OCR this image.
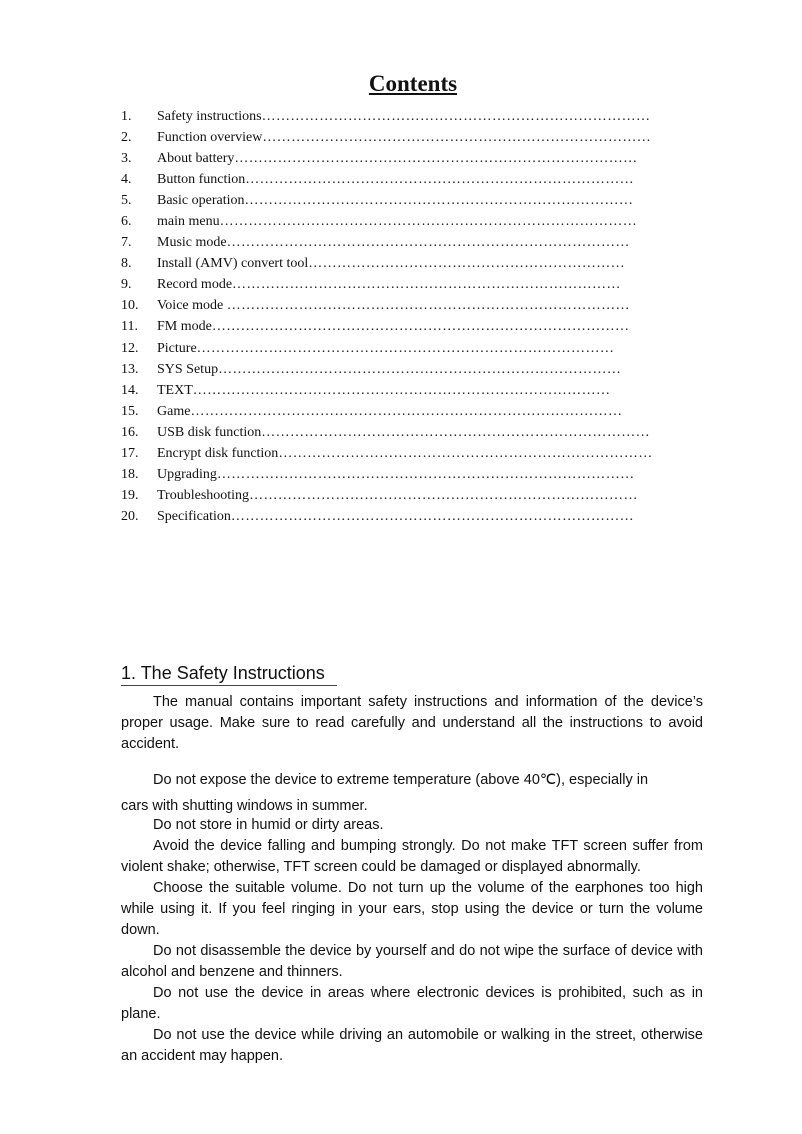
Contents
1. Safety instructions………………………………………………………………………
2. Function overview………………………………………………………………………
3. About battery…………………………………………………………………………
4. Button function………………………………………………………………………
5. Basic operation………………………………………………………………………
6. main menu……………………………………………………………………………
7. Music mode…………………………………………………………………………
8. Install (AMV) convert tool…………………………………………………………
9. Record mode………………………………………………………………………
10. Voice mode …………………………………………………………………………
11. FM mode……………………………………………………………………………
12. Picture……………………………………………………………………………
13. SYS Setup…………………………………………………………………………
14. TEXT……………………………………………………………………………
15. Game………………………………………………………………………………
16. USB disk function………………………………………………………………………
17. Encrypt disk function……………………………………………………………………
18. Upgrading……………………………………………………………………………
19. Troubleshooting………………………………………………………………………
20. Specification…………………………………………………………………………
1. The Safety Instructions

The manual contains important safety instructions and information of the device’s proper usage. Make sure to read carefully and understand all the instructions to avoid accident.

Do not expose the device to extreme temperature (above 40℃), especially in
cars with shutting windows in summer.

Do not store in humid or dirty areas.

Avoid the device falling and bumping strongly. Do not make TFT screen suffer from violent shake; otherwise, TFT screen could be damaged or displayed abnormally.

Choose the suitable volume. Do not turn up the volume of the earphones too high while using it. If you feel ringing in your ears, stop using the device or turn the volume down.

Do not disassemble the device by yourself and do not wipe the surface of device with alcohol and benzene and thinners.

Do not use the device in areas where electronic devices is prohibited, such as in plane.

Do not use the device while driving an automobile or walking in the street, otherwise an accident may happen.
